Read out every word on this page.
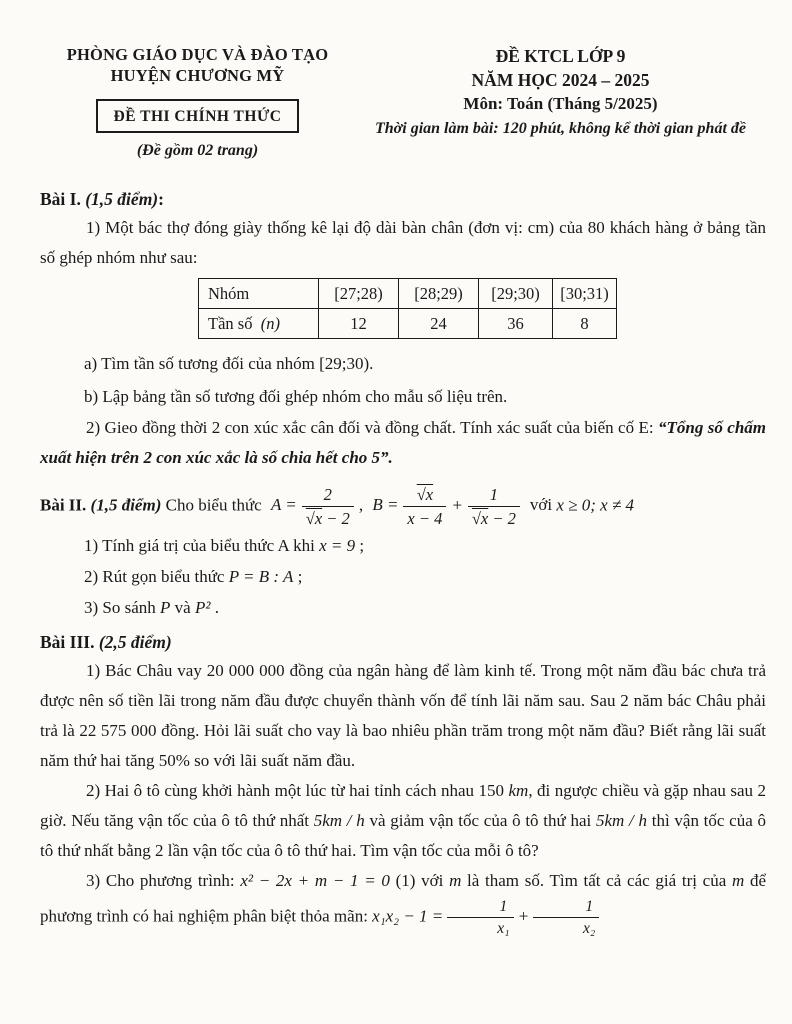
PHÒNG GIÁO DỤC VÀ ĐÀO TẠO
HUYỆN CHƯƠNG MỸ
ĐỀ THI CHÍNH THỨC
(Đề gồm 02 trang)
ĐỀ KTCL LỚP 9
NĂM HỌC 2024 – 2025
Môn: Toán (Tháng 5/2025)
Thời gian làm bài: 120 phút, không kể thời gian phát đề

Bài I. (1,5 điểm):

1) Một bác thợ đóng giày thống kê lại độ dài bàn chân (đơn vị: cm) của 80 khách hàng ở bảng tần số ghép nhóm như sau:

Nhóm	[27;28)	[28;29)	[29;30)	[30;31)
Tần số (n)	12	24	36	8

a) Tìm tần số tương đối của nhóm [29;30).

b) Lập bảng tần số tương đối ghép nhóm cho mẫu số liệu trên.

2) Gieo đồng thời 2 con xúc xắc cân đối và đồng chất. Tính xác suất của biến cố E: “Tổng số chấm xuất hiện trên 2 con xúc xắc là số chia hết cho 5”.

Bài II. (1,5 điểm) Cho biểu thức $A = \frac{2}{√x - 2}$ , $B = \frac{√x}{x - 4} + \frac{1}{√x - 2}$ với x ≥ 0; x ≠ 4

1) Tính giá trị của biểu thức A khi x = 9 ;

2) Rút gọn biểu thức P = B : A ;

3) So sánh P và P² .

Bài III. (2,5 điểm)

1) Bác Châu vay 20 000 000 đồng của ngân hàng để làm kinh tế. Trong một năm đầu bác chưa trả được nên số tiền lãi trong năm đầu được chuyển thành vốn để tính lãi năm sau. Sau 2 năm bác Châu phải trả là 22 575 000 đồng. Hỏi lãi suất cho vay là bao nhiêu phần trăm trong một năm đầu? Biết rằng lãi suất năm thứ hai tăng 50% so với lãi suất năm đầu.

2) Hai ô tô cùng khởi hành một lúc từ hai tỉnh cách nhau 150 km, đi ngược chiều và gặp nhau sau 2 giờ. Nếu tăng vận tốc của ô tô thứ nhất 5km / h và giảm vận tốc của ô tô thứ hai 5km / h thì vận tốc của ô tô thứ nhất bằng 2 lần vận tốc của ô tô thứ hai. Tìm vận tốc của mỗi ô tô?

3) Cho phương trình: x² − 2x + m − 1 = 0 (1) với m là tham số. Tìm tất cả các giá trị của m để phương trình có hai nghiệm phân biệt thỏa mãn: $x_1x_2 - 1 = \frac{1}{\text{x₁}} + \frac{1}{\text{x₂}}$
